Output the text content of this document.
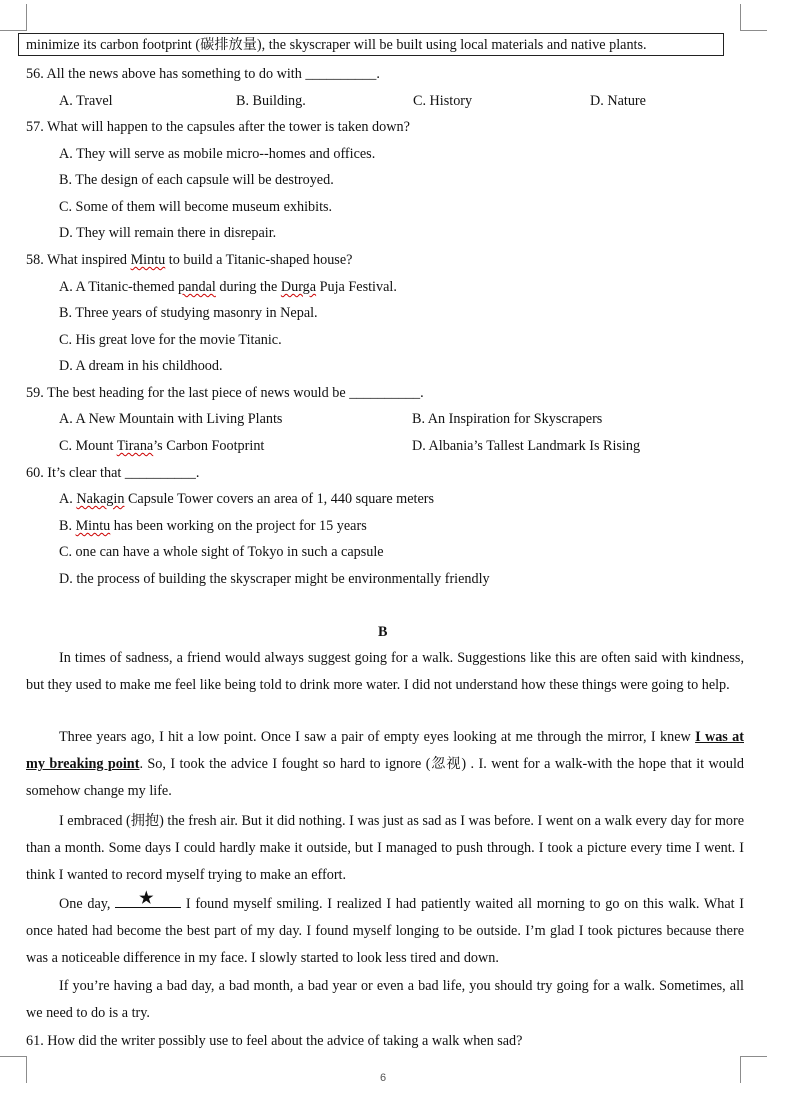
minimize its carbon footprint (碳排放量), the skyscraper will be built using local materials and native plants.
56. All the news above has something to do with __________.
A. Travel	B. Building.	C. History	D. Nature
57. What will happen to the capsules after the tower is taken down?
A. They will serve as mobile micro--homes and offices.
B. The design of each capsule will be destroyed.
C. Some of them will become museum exhibits.
D. They will remain there in disrepair.
58. What inspired Mintu to build a Titanic-shaped house?
A. A Titanic-themed pandal during the Durga Puja Festival.
B. Three years of studying masonry in Nepal.
C. His great love for the movie Titanic.
D. A dream in his childhood.
59. The best heading for the last piece of news would be __________.
A. A New Mountain with Living Plants	B. An Inspiration for Skyscrapers
C. Mount Tirana’s Carbon Footprint	D. Albania’s Tallest Landmark Is Rising
60. It’s clear that __________.
A. Nakagin Capsule Tower covers an area of 1, 440 square meters
B. Mintu has been working on the project for 15 years
C. one can have a whole sight of Tokyo in such a capsule
D. the process of building the skyscraper might be environmentally friendly
B
In times of sadness, a friend would always suggest going for a walk. Suggestions like this are often said with kindness, but they used to make me feel like being told to drink more water. I did not understand how these things were going to help.
Three years ago, I hit a low point. Once I saw a pair of empty eyes looking at me through the mirror, I knew I was at my breaking point. So, I took the advice I fought so hard to ignore (忽视) . I. went for a walk-with the hope that it would somehow change my life.
I embraced (拥抱) the fresh air. But it did nothing. I was just as sad as I was before. I went on a walk every day for more than a month. Some days I could hardly make it outside, but I managed to push through. I took a picture every time I went. I think I wanted to record myself trying to make an effort.
One day, ★ I found myself smiling. I realized I had patiently waited all morning to go on this walk. What I once hated had become the best part of my day. I found myself longing to be outside. I’m glad I took pictures because there was a noticeable difference in my face. I slowly started to look less tired and down.
If you’re having a bad day, a bad month, a bad year or even a bad life, you should try going for a walk. Sometimes, all we need to do is a try.
61. How did the writer possibly use to feel about the advice of taking a walk when sad?
6
